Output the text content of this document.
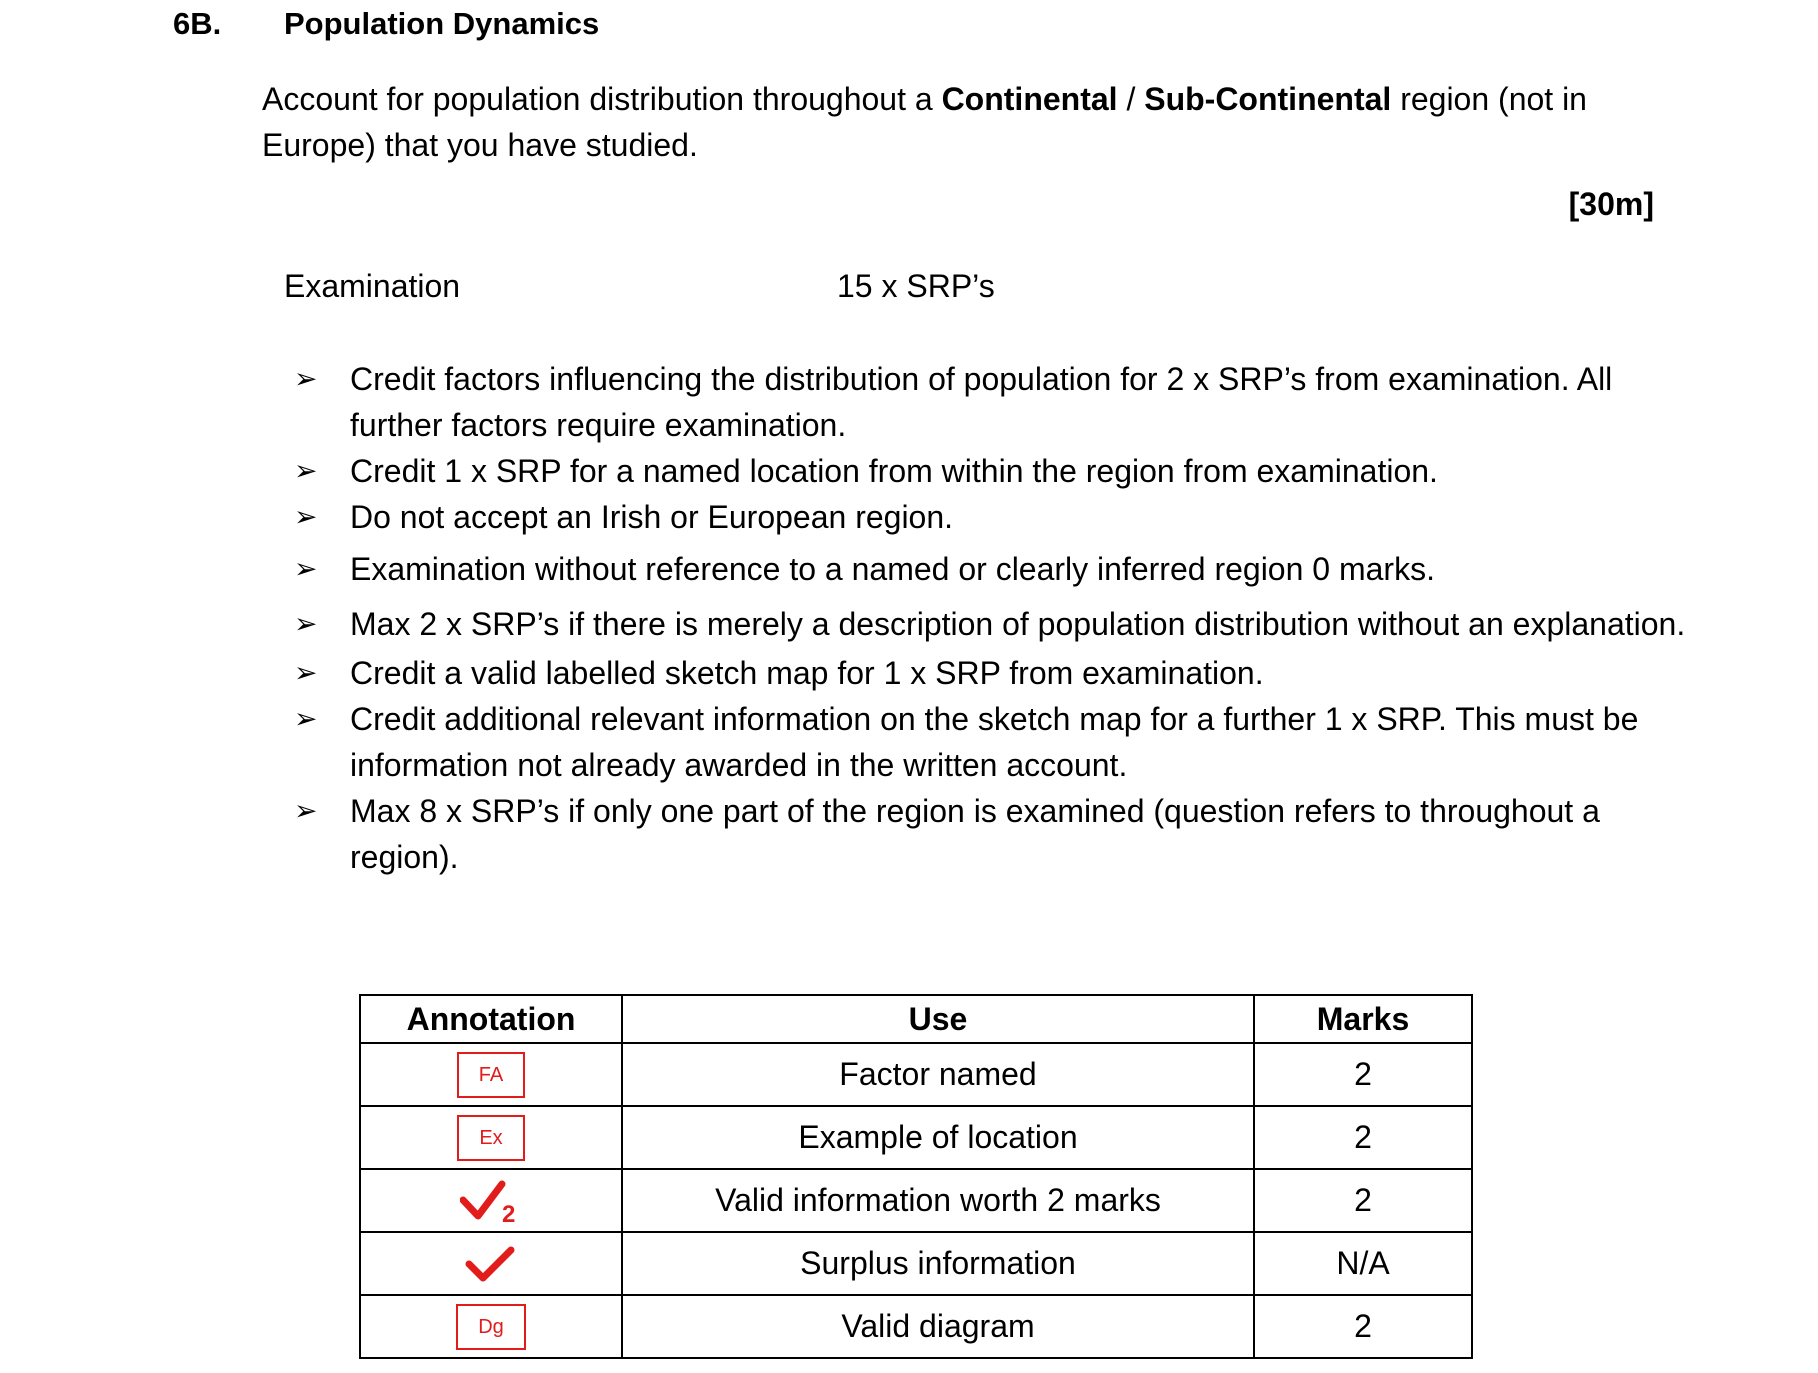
6B. Population Dynamics
Account for population distribution throughout a Continental / Sub-Continental region (not in Europe) that you have studied.
[30m]
Examination	15 x SRP’s
➢ Credit factors influencing the distribution of population for 2 x SRP’s from examination. All further factors require examination.
➢ Credit 1 x SRP for a named location from within the region from examination.
➢ Do not accept an Irish or European region.
➢ Examination without reference to a named or clearly inferred region 0 marks.
➢ Max 2 x SRP’s if there is merely a description of population distribution without an explanation.
➢ Credit a valid labelled sketch map for 1 x SRP from examination.
➢ Credit additional relevant information on the sketch map for a further 1 x SRP. This must be information not already awarded in the written account.
➢ Max 8 x SRP’s if only one part of the region is examined (question refers to throughout a region).
Annotation	Use	Marks
FA	Factor named	2
Ex	Example of location	2

2	Valid information worth 2 marks	2
	Surplus information	N/A
Dg	Valid diagram	2
